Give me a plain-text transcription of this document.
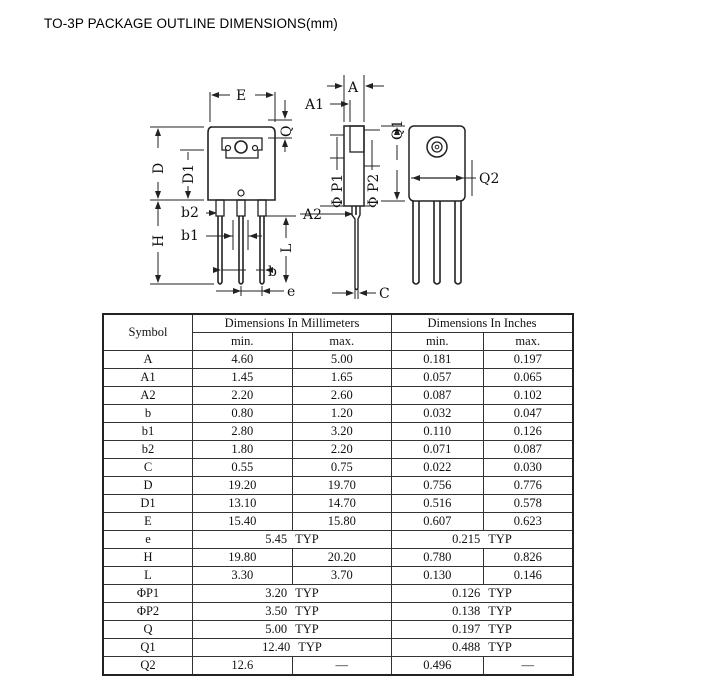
TO-3P PACKAGE OUTLINE DIMENSIONS(mm)
E	A
A1
Q	Q1
Q2
D D1
b2
b1
H
L
A2
b
e	C
Φ P1 Φ P2
Symbol	Dimensions In Millimeters		Dimensions In Inches	
	min.	max.	min.	max.
A	4.60	5.00	0.181	0.197
A1	1.45	1.65	0.057	0.065
A2	2.20	2.60	0.087	0.102
b	0.80	1.20	0.032	0.047
b1	2.80	3.20	0.110	0.126
b2	1.80	2.20	0.071	0.087
C	0.55	0.75	0.022	0.030
D	19.20	19.70	0.756	0.776
D1	13.10	14.70	0.516	0.578
E	15.40	15.80	0.607	0.623
e	5.45 TYP		0.215 TYP	
H	19.80	20.20	0.780	0.826
L	3.30	3.70	0.130	0.146
ΦP1	3.20 TYP		0.126 TYP	
ΦP2	3.50 TYP		0.138 TYP	
Q	5.00 TYP		0.197 TYP	
Q1	12.40 TYP		0.488 TYP	
Q2	12.6	—	0.496	—
